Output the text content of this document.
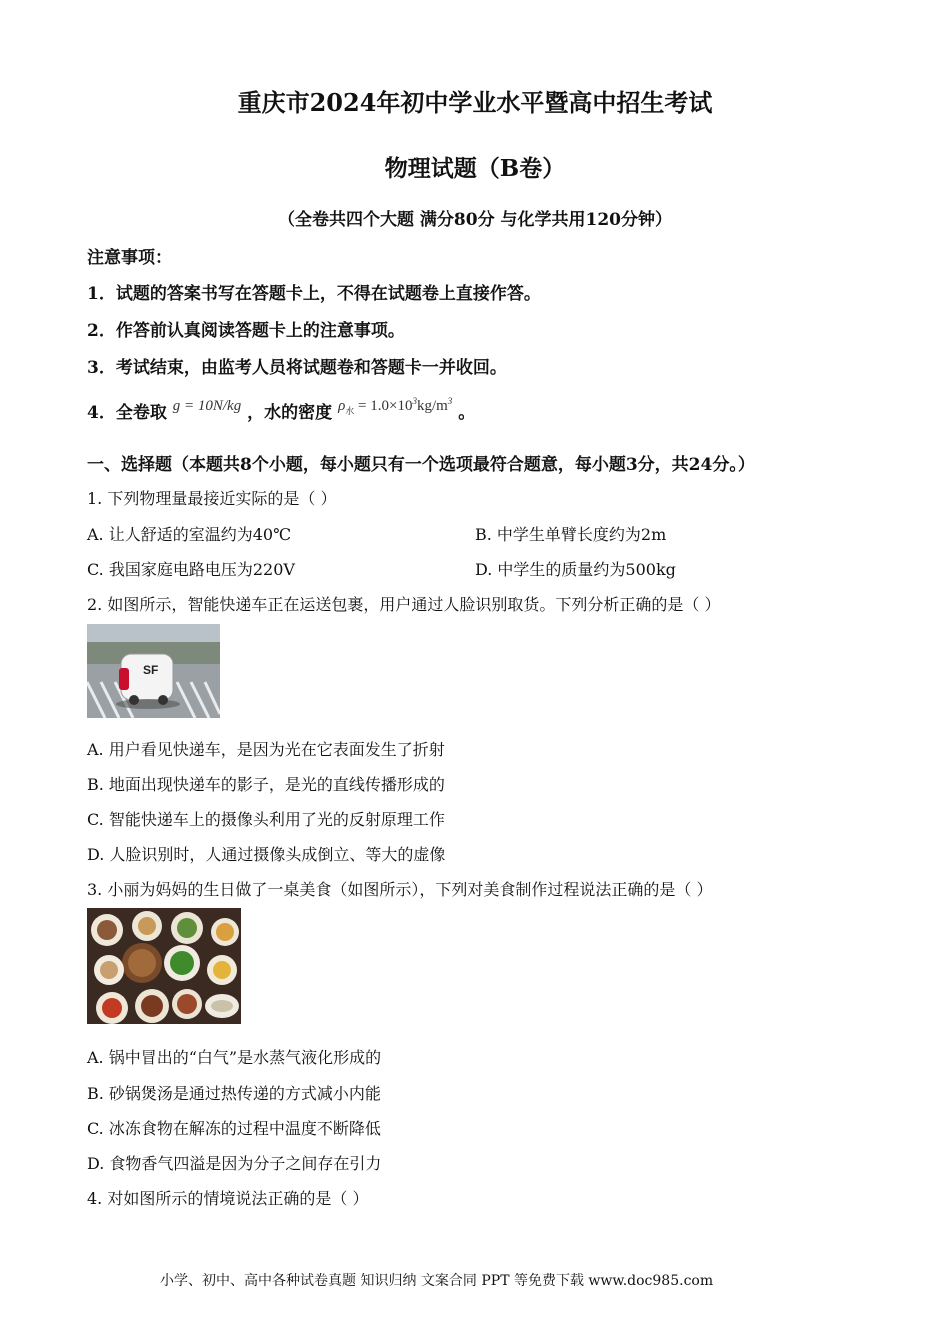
重庆市2024年初中学业水平暨高中招生考试
物理试题（B卷）
（全卷共四个大题 满分80分 与化学共用120分钟）
注意事项：
1．试题的答案书写在答题卡上，不得在试题卷上直接作答。
2．作答前认真阅读答题卡上的注意事项。
3．考试结束，由监考人员将试题卷和答题卡一并收回。
4．全卷取 g = 10N/kg ，水的密度 $\rho_水 = 1.0\times 10^3kg/m^3$ 。
一、选择题（本题共8个小题，每小题只有一个选项最符合题意，每小题3分，共24分。）
1. 下列物理量最接近实际的是（ ）
A. 让人舒适的室温约为40℃	B. 中学生单臂长度约为2m
C. 我国家庭电路电压为220V	D. 中学生的质量约为500kg
2. 如图所示，智能快递车正在运送包裹，用户通过人脸识别取货。下列分析正确的是（ ）
SF
A. 用户看见快递车，是因为光在它表面发生了折射
B. 地面出现快递车的影子，是光的直线传播形成的
C. 智能快递车上的摄像头利用了光的反射原理工作
D. 人脸识别时，人通过摄像头成倒立、等大的虚像
3. 小丽为妈妈的生日做了一桌美食（如图所示），下列对美食制作过程说法正确的是（ ）
A. 锅中冒出的“白气”是水蒸气液化形成的
B. 砂锅煲汤是通过热传递的方式减小内能
C. 冰冻食物在解冻的过程中温度不断降低
D. 食物香气四溢是因为分子之间存在引力
4. 对如图所示的情境说法正确的是（ ）
小学、初中、高中各种试卷真题 知识归纳 文案合同 PPT 等免费下载 www.doc985.com
